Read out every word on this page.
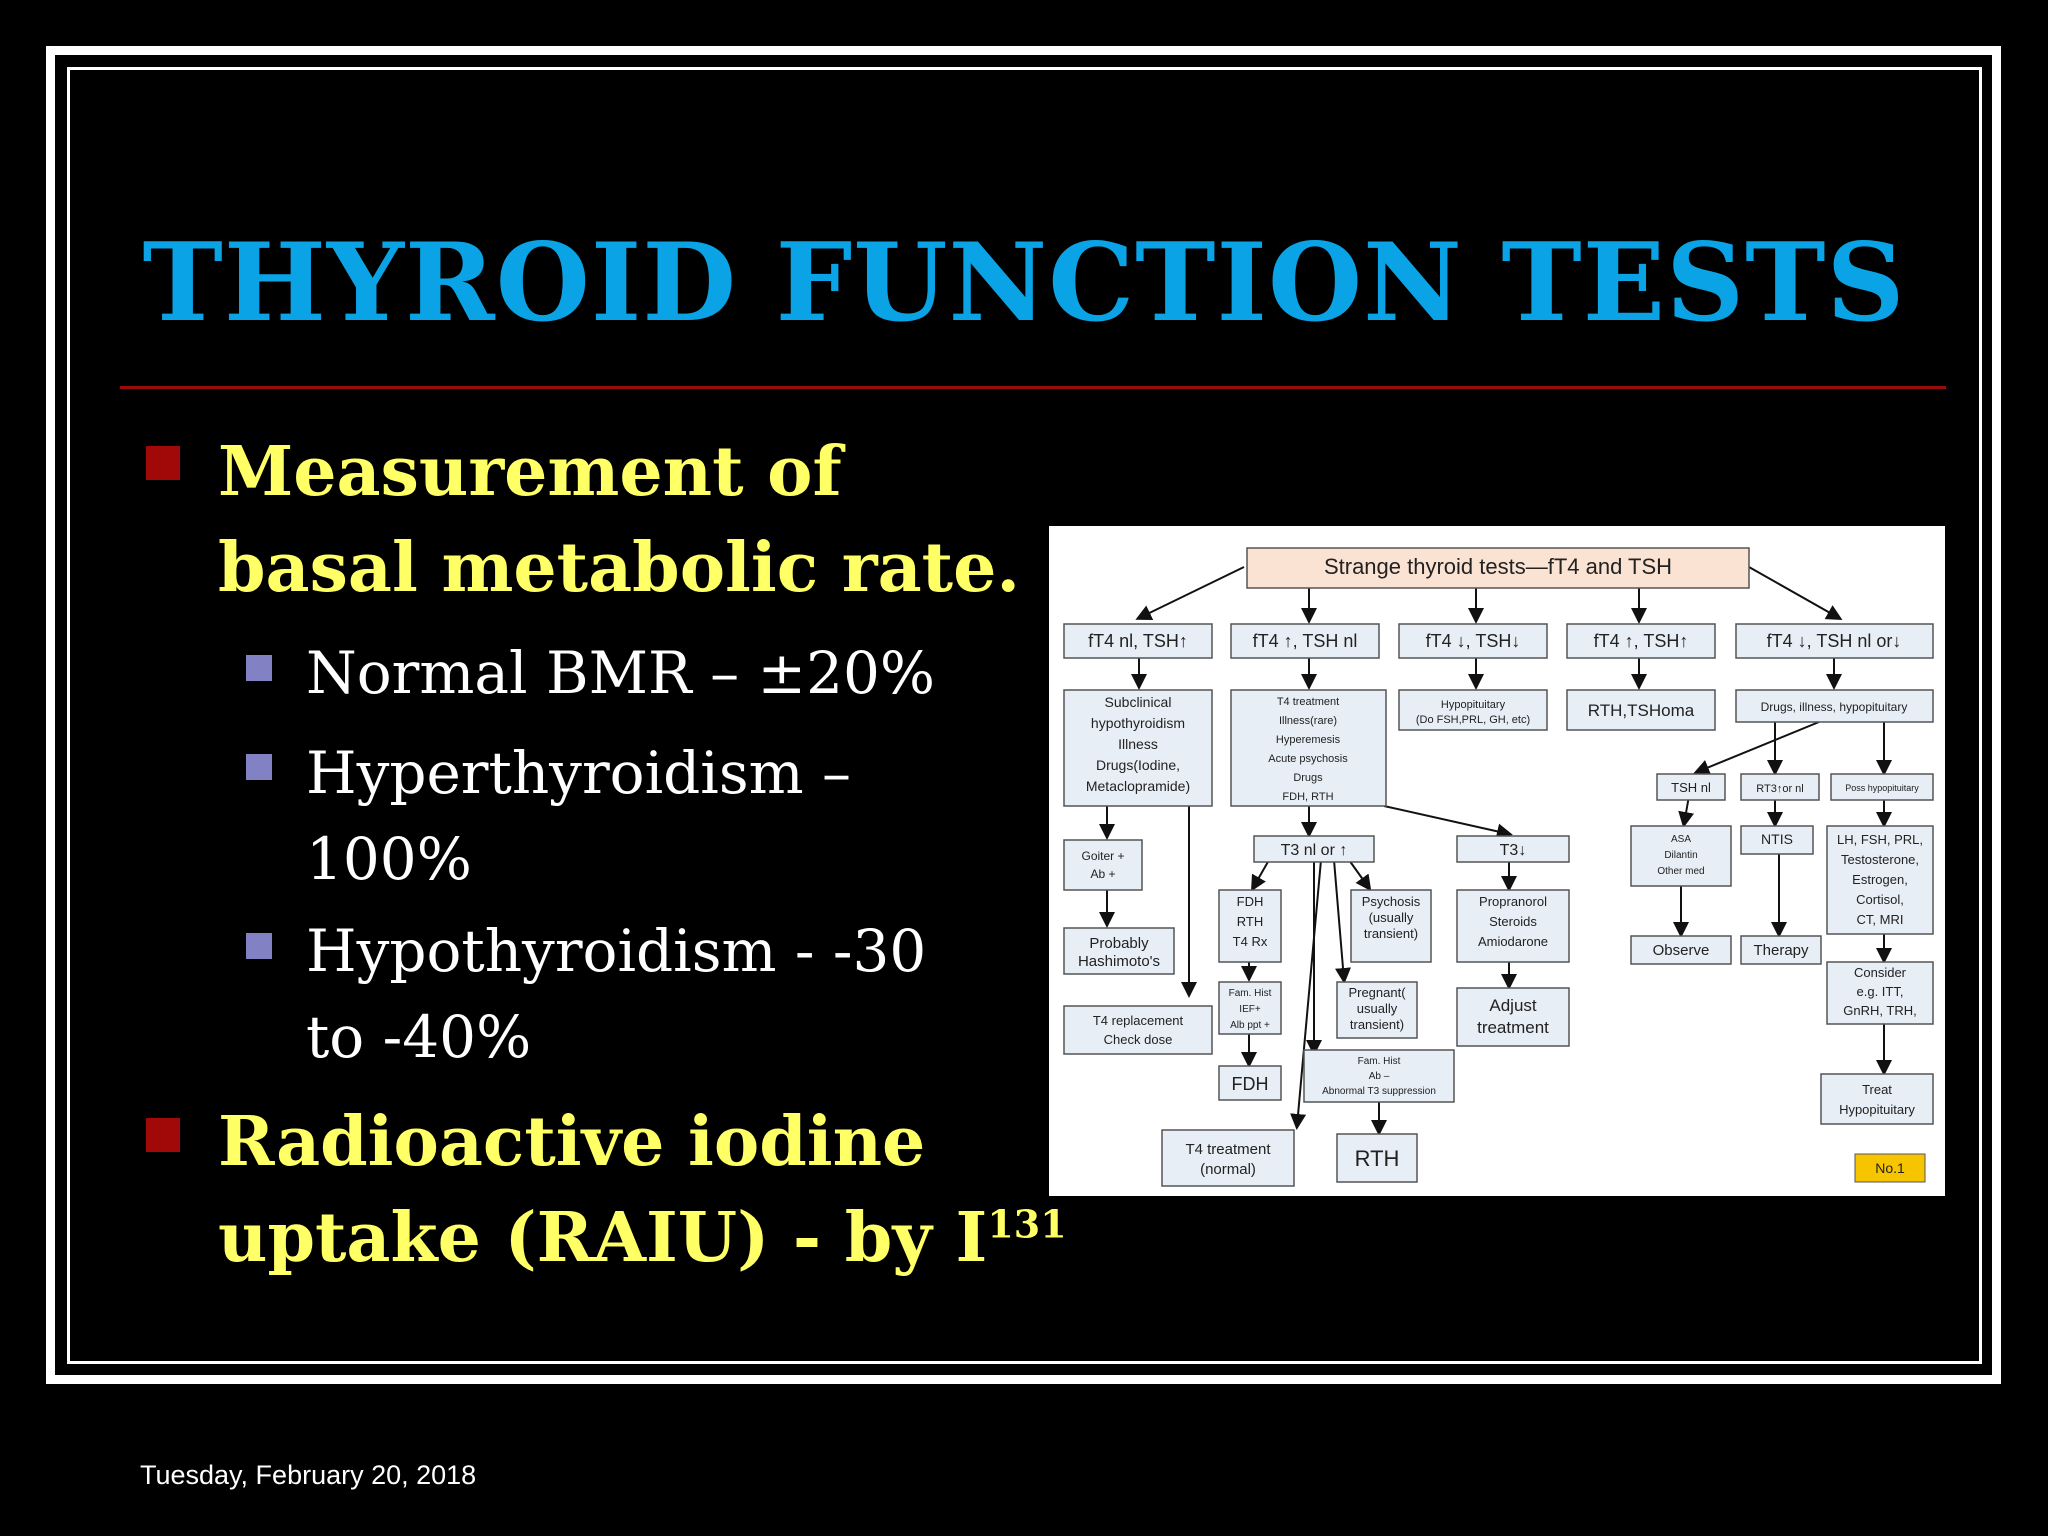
THYROID FUNCTION TESTS
Measurement of
basal metabolic rate.
Normal BMR – ±20%
Hyperthyroidism –
100%
Hypothyroidism - -30
to -40%
Radioactive iodine
uptake (RAIU) - by $I^{131}$
Strange thyroid tests—fT4 and TSH
fT4 nl, TSH↑	fT4 ↑, TSH nl	fT4 ↓, TSH↓	fT4 ↑, TSH↑	fT4 ↓, TSH nl or↓
Subclinical
hypothyroidism
Illness
Drugs(Iodine,
Metaclopramide)
T4 treatment
Illness(rare)
Hyperemesis
Acute psychosis
Drugs
FDH, RTH
Hypopituitary
(Do FSH,PRL, GH, etc)	RTH,TSHoma	Drugs, illness, hypopituitary
Goiter +
Ab +
Probably
Hashimoto's
T4 replacement
Check dose
T3 nl or ↑	T3↓
FDH
RTH
T4 Rx
Psychosis
(usually
transient)
Propranorol
Steroids
Amiodarone
Fam. Hist
IEF+
Alb ppt +
Pregnant(
usually
transient)
Adjust
treatment
FDH
Fam. Hist
Ab –
Abnormal T3 suppression
T4 treatment
(normal)	RTH
TSH nl	RT3↑or nl	Poss hypopituitary
ASA
Dilantin
Other med
NTIS	LH, FSH, PRL,
Testosterone,
Estrogen,
Cortisol,
CT, MRI
Observe	Therapy
Consider
e.g. ITT,
GnRH, TRH,
Treat
Hypopituitary
No.1
Tuesday, February 20, 2018
